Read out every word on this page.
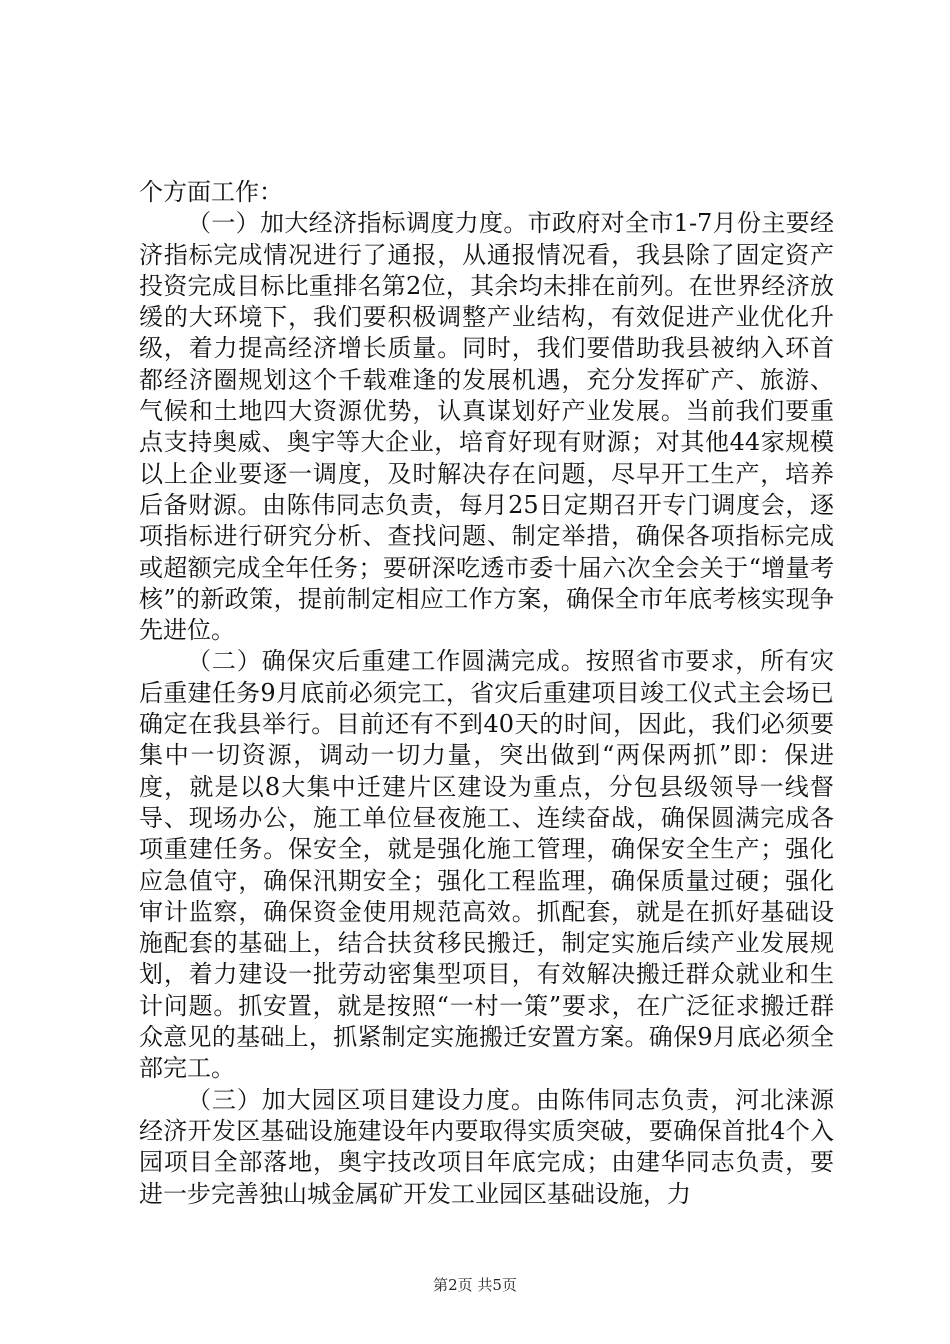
个方面工作：

（一）加大经济指标调度力度。市政府对全市1-7月份主要经济指标完成情况进行了通报，从通报情况看，我县除了固定资产投资完成目标比重排名第2位，其余均未排在前列。在世界经济放缓的大环境下，我们要积极调整产业结构，有效促进产业优化升级，着力提高经济增长质量。同时，我们要借助我县被纳入环首都经济圈规划这个千载难逢的发展机遇，充分发挥矿产、旅游、气候和土地四大资源优势，认真谋划好产业发展。当前我们要重点支持奥威、奥宇等大企业，培育好现有财源；对其他44家规模以上企业要逐一调度，及时解决存在问题，尽早开工生产，培养后备财源。由陈伟同志负责，每月25日定期召开专门调度会，逐项指标进行研究分析、查找问题、制定举措，确保各项指标完成或超额完成全年任务；要研深吃透市委十届六次全会关于“增量考核”的新政策，提前制定相应工作方案，确保全市年底考核实现争先进位。

（二）确保灾后重建工作圆满完成。按照省市要求，所有灾后重建任务9月底前必须完工，省灾后重建项目竣工仪式主会场已确定在我县举行。目前还有不到40天的时间，因此，我们必须要集中一切资源，调动一切力量，突出做到“两保两抓”即：保进度，就是以8大集中迁建片区建设为重点，分包县级领导一线督导、现场办公，施工单位昼夜施工、连续奋战，确保圆满完成各项重建任务。保安全，就是强化施工管理，确保安全生产；强化应急值守，确保汛期安全；强化工程监理，确保质量过硬；强化审计监察，确保资金使用规范高效。抓配套，就是在抓好基础设施配套的基础上，结合扶贫移民搬迁，制定实施后续产业发展规划，着力建设一批劳动密集型项目，有效解决搬迁群众就业和生计问题。抓安置，就是按照“一村一策”要求，在广泛征求搬迁群众意见的基础上，抓紧制定实施搬迁安置方案。确保9月底必须全部完工。

（三）加大园区项目建设力度。由陈伟同志负责，河北涞源经济开发区基础设施建设年内要取得实质突破，要确保首批4个入园项目全部落地，奥宇技改项目年底完成；由建华同志负责，要进一步完善独山城金属矿开发工业园区基础设施，力

第2页 共5页
